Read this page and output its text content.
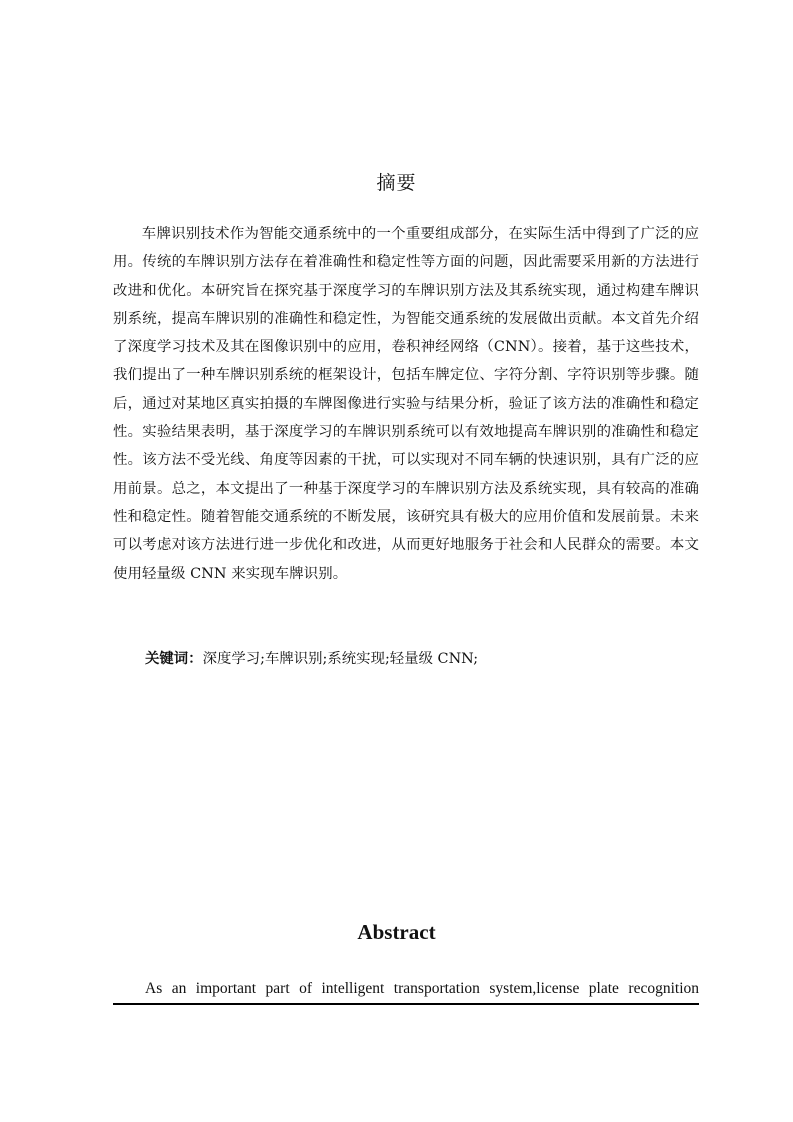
摘要

车牌识别技术作为智能交通系统中的一个重要组成部分，在实际生活中得到了广泛的应用。传统的车牌识别方法存在着准确性和稳定性等方面的问题，因此需要采用新的方法进行改进和优化。本研究旨在探究基于深度学习的车牌识别方法及其系统实现，通过构建车牌识别系统，提高车牌识别的准确性和稳定性，为智能交通系统的发展做出贡献。本文首先介绍了深度学习技术及其在图像识别中的应用，卷积神经网络（CNN）。接着，基于这些技术，我们提出了一种车牌识别系统的框架设计，包括车牌定位、字符分割、字符识别等步骤。随后，通过对某地区真实拍摄的车牌图像进行实验与结果分析，验证了该方法的准确性和稳定性。实验结果表明，基于深度学习的车牌识别系统可以有效地提高车牌识别的准确性和稳定性。该方法不受光线、角度等因素的干扰，可以实现对不同车辆的快速识别，具有广泛的应用前景。总之，本文提出了一种基于深度学习的车牌识别方法及系统实现，具有较高的准确性和稳定性。随着智能交通系统的不断发展，该研究具有极大的应用价值和发展前景。未来可以考虑对该方法进行进一步优化和改进，从而更好地服务于社会和人民群众的需要。本文使用轻量级 CNN 来实现车牌识别。

关键词：深度学习;车牌识别;系统实现;轻量级 CNN;

Abstract

As an important part of intelligent transportation system,license plate recognition
